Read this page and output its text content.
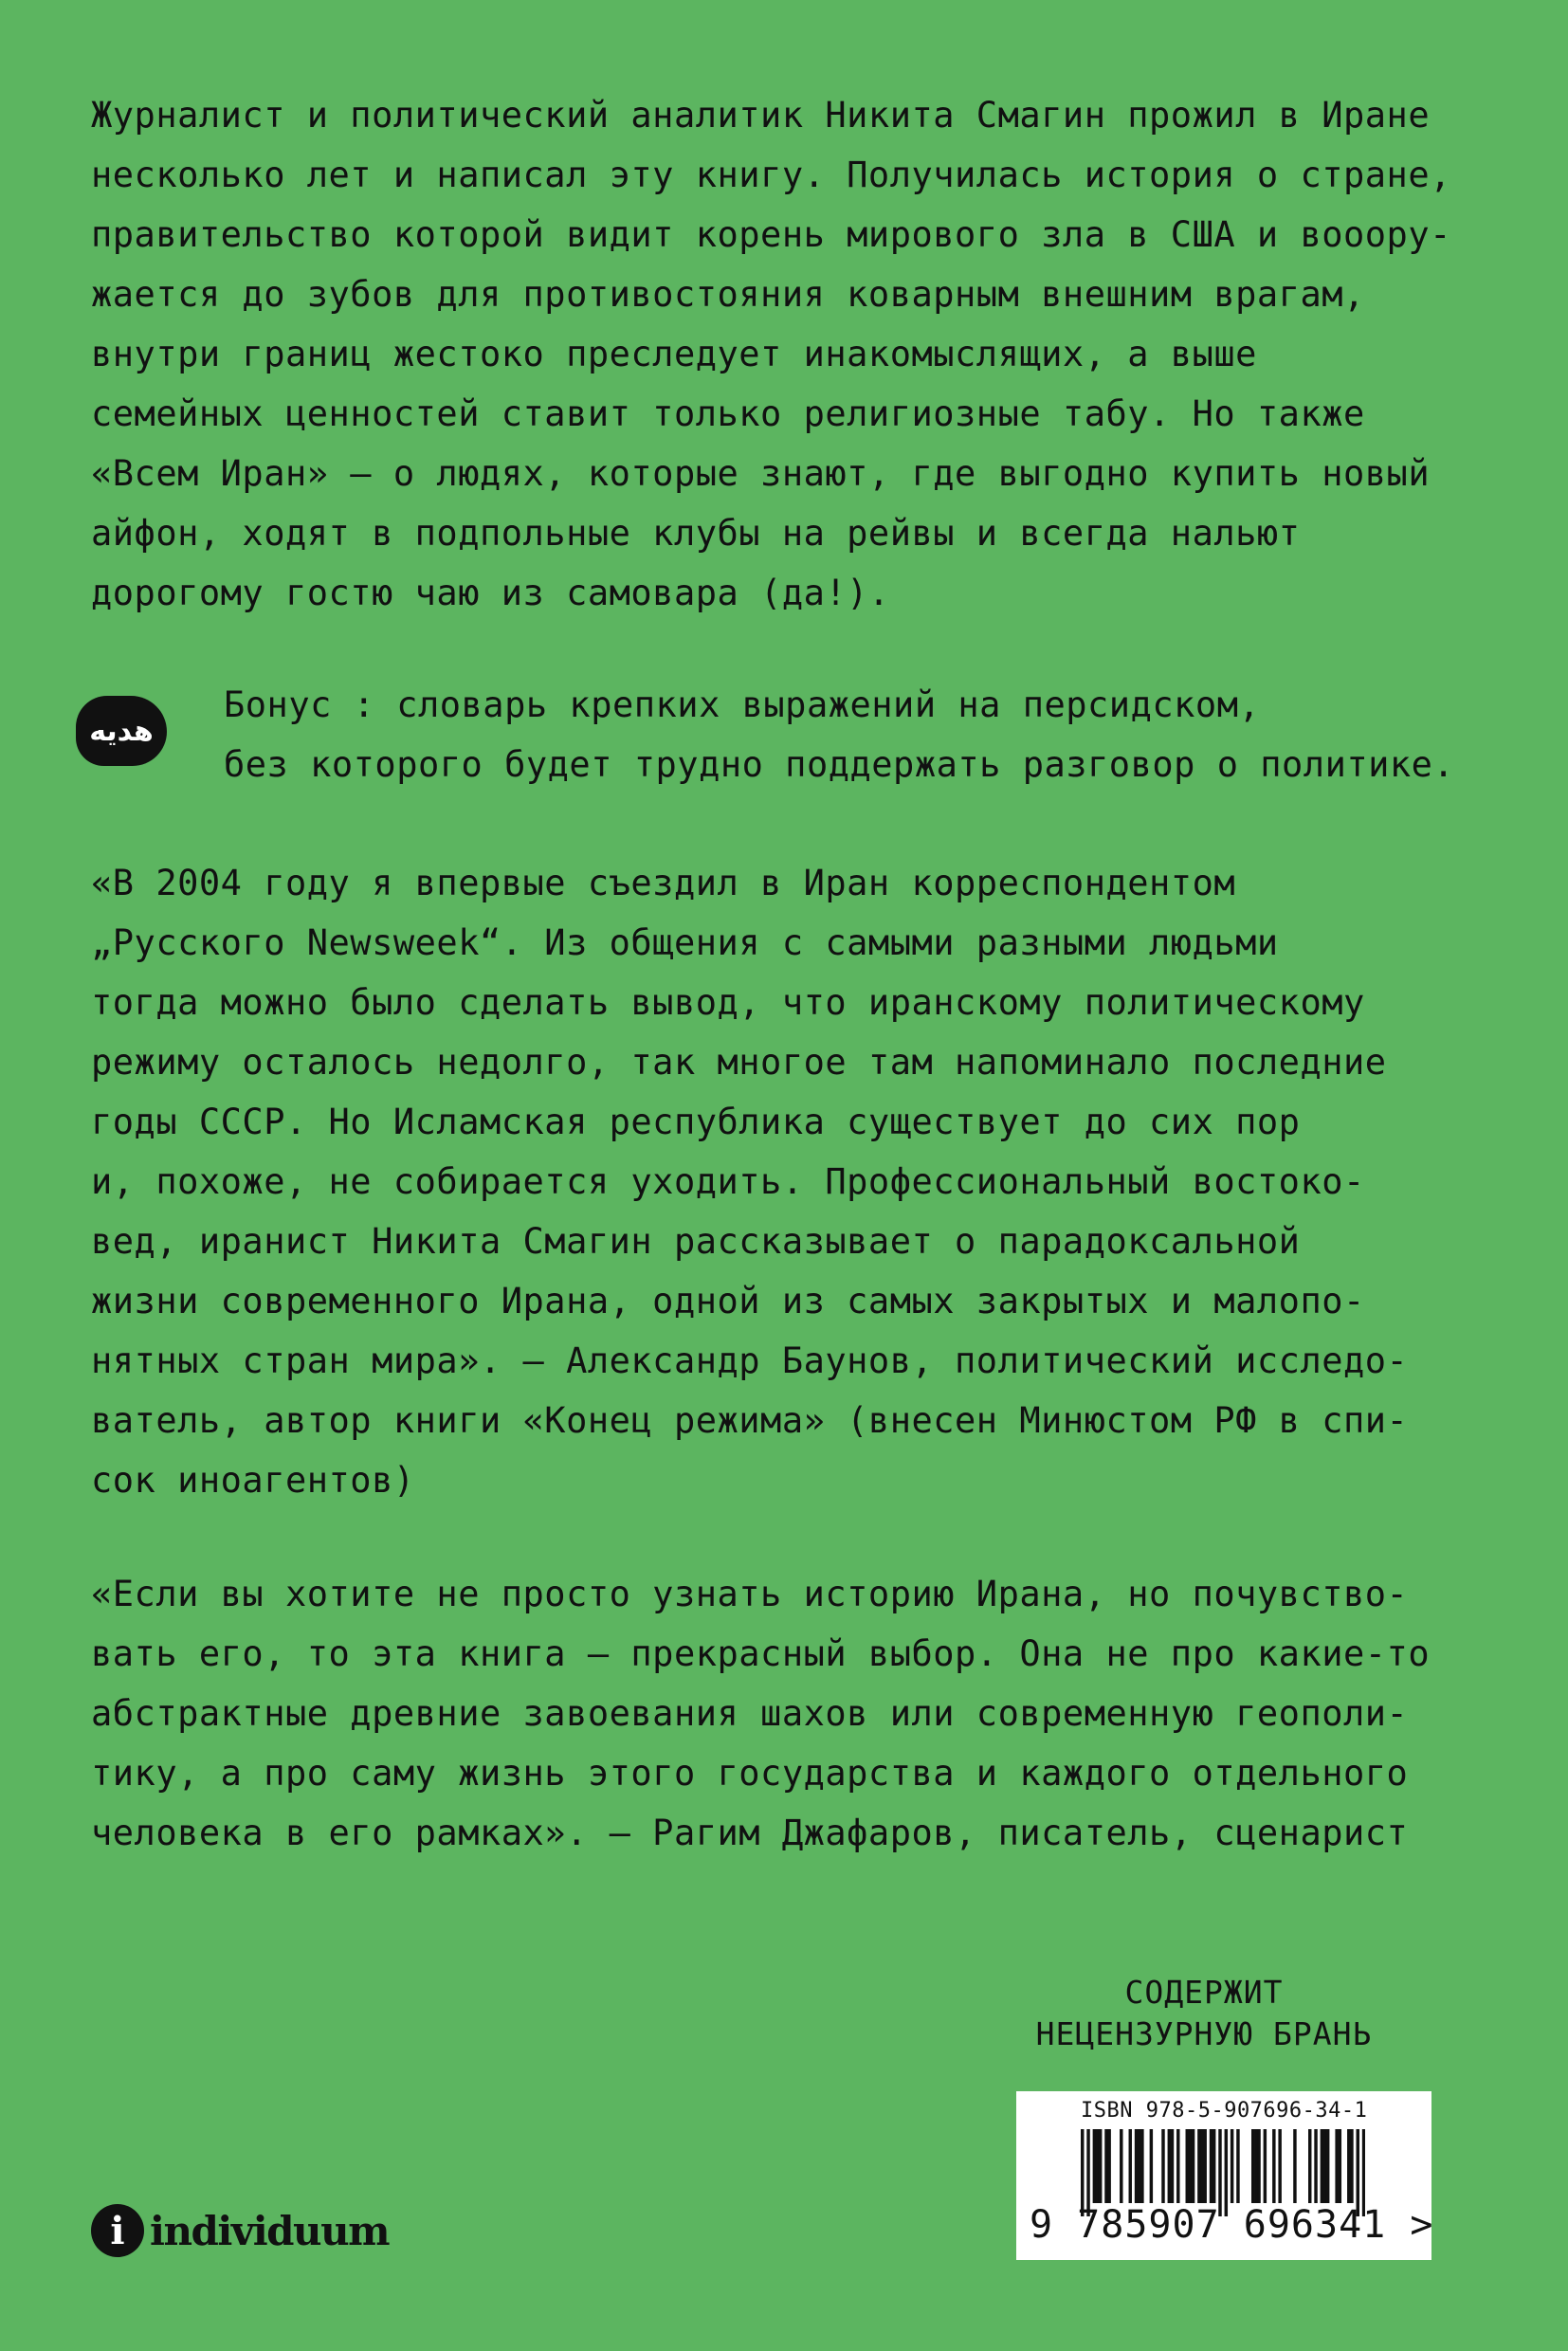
Журналист и политический аналитик Никита Смагин прожил в Иране
несколько лет и написал эту книгу. Получилась история о стране,
правительство которой видит корень мирового зла в США и вооору-
жается до зубов для противостояния коварным внешним врагам,
внутри границ жестоко преследует инакомыслящих, а выше
семейных ценностей ставит только религиозные табу. Но также
«Всем Иран» – о людях, которые знают, где выгодно купить новый
айфон, ходят в подпольные клубы на рейвы и всегда нальют
дорогому гостю чаю из самовара (да!).
هدیه
Бонус : словарь крепких выражений на персидском,
без которого будет трудно поддержать разговор о политике.
«В 2004 году я впервые съездил в Иран корреспондентом
„Русского Newsweek“. Из общения с самыми разными людьми
тогда можно было сделать вывод, что иранскому политическому
режиму осталось недолго, так многое там напоминало последние
годы СССР. Но Исламская республика существует до сих пор
и, похоже, не собирается уходить. Профессиональный востоко-
вед, иранист Никита Смагин рассказывает о парадоксальной
жизни современного Ирана, одной из самых закрытых и малопо-
нятных стран мира». – Александр Баунов, политический исследо-
ватель, автор книги «Конец режима» (внесен Минюстом РФ в спи-
сок иноагентов)
«Если вы хотите не просто узнать историю Ирана, но почувство-
вать его, то эта книга – прекрасный выбор. Она не про какие-то
абстрактные древние завоевания шахов или современную геополи-
тику, а про саму жизнь этого государства и каждого отдельного
человека в его рамках». – Рагим Джафаров, писатель, сценарист
СОДЕРЖИТ
НЕЦЕНЗУРНУЮ БРАНЬ
i individuum
ISBN 978-5-907696-34-1
9 785907 696341 >
